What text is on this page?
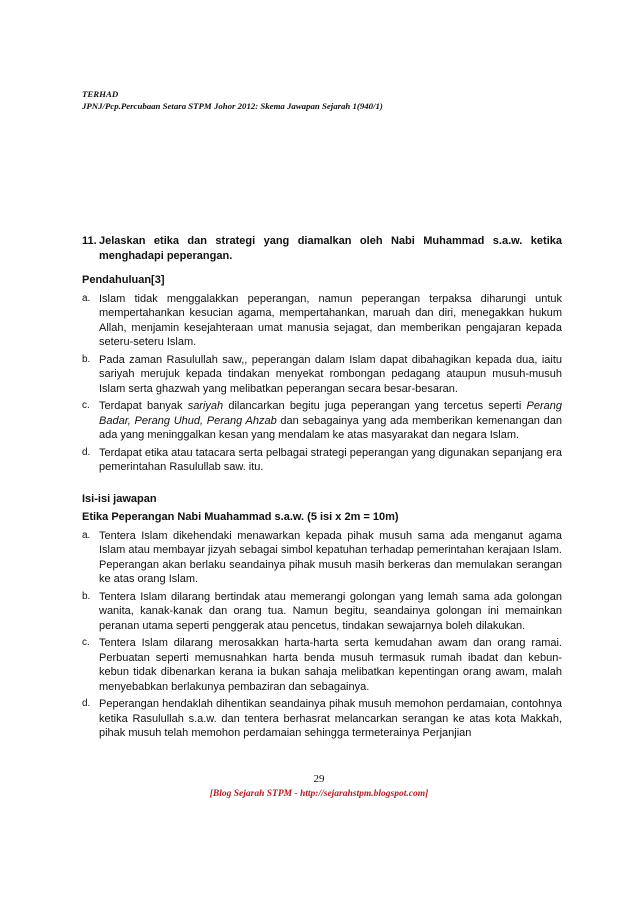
TERHAD
JPNJ/Pcp.Percubaan Setara STPM Johor 2012: Skema Jawapan Sejarah 1(940/1)
11. Jelaskan etika dan strategi yang diamalkan oleh Nabi Muhammad s.a.w. ketika menghadapi peperangan.
Pendahuluan[3]
a. Islam tidak menggalakkan peperangan, namun peperangan terpaksa diharungi untuk mempertahankan kesucian agama, mempertahankan, maruah dan diri, menegakkan hukum Allah, menjamin kesejahteraan umat manusia sejagat, dan memberikan pengajaran kepada seteru-seteru Islam.
b. Pada zaman Rasulullah saw,, peperangan dalam Islam dapat dibahagikan kepada dua, iaitu sariyah merujuk kepada tindakan menyekat rombongan pedagang ataupun musuh-musuh Islam serta ghazwah yang melibatkan peperangan secara besar-besaran.
c. Terdapat banyak sariyah dilancarkan begitu juga peperangan yang tercetus seperti Perang Badar, Perang Uhud, Perang Ahzab dan sebagainya yang ada memberikan kemenangan dan ada yang meninggalkan kesan yang mendalam ke atas masyarakat dan negara Islam.
d. Terdapat etika atau tatacara serta pelbagai strategi peperangan yang digunakan sepanjang era pemerintahan Rasulullab saw. itu.
Isi-isi jawapan
Etika Peperangan Nabi Muahammad s.a.w. (5 isi x 2m = 10m)
a. Tentera Islam dikehendaki menawarkan kepada pihak musuh sama ada menganut agama Islam atau membayar jizyah sebagai simbol kepatuhan terhadap pemerintahan kerajaan Islam. Peperangan akan berlaku seandainya pihak musuh masih berkeras dan memulakan serangan ke atas orang Islam.
b. Tentera Islam dilarang bertindak atau memerangi golongan yang lemah sama ada golongan wanita, kanak-kanak dan orang tua. Namun begitu, seandainya golongan ini memainkan peranan utama seperti penggerak atau pencetus, tindakan sewajarnya boleh dilakukan.
c. Tentera Islam dilarang merosakkan harta-harta serta kemudahan awam dan orang ramai. Perbuatan seperti memusnahkan harta benda musuh termasuk rumah ibadat dan kebun-kebun tidak dibenarkan kerana ia bukan sahaja melibatkan kepentingan orang awam, malah menyebabkan berlakunya pembaziran dan sebagainya.
d. Peperangan hendaklah dihentikan seandainya pihak musuh memohon perdamaian, contohnya ketika Rasulullah s.a.w. dan tentera berhasrat melancarkan serangan ke atas kota Makkah, pihak musuh telah memohon perdamaian sehingga termeterainya Perjanjian
29
[Blog Sejarah STPM - http://sejarahstpm.blogspot.com]
